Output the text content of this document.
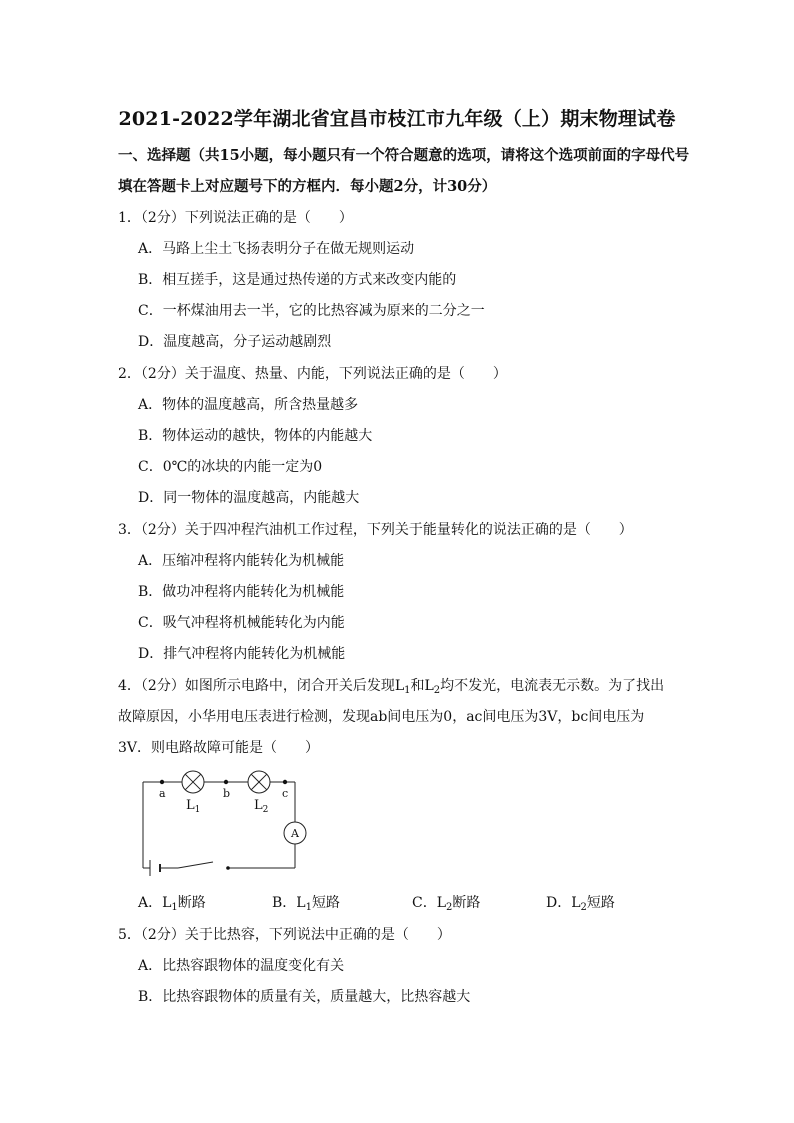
2021-2022学年湖北省宜昌市枝江市九年级（上）期末物理试卷
一、选择题（共15小题，每小题只有一个符合题意的选项，请将这个选项前面的字母代号
填在答题卡上对应题号下的方框内．每小题2分，计30分）
1．（2分）下列说法正确的是（　　）
A．马路上尘土飞扬表明分子在做无规则运动
B．相互搓手，这是通过热传递的方式来改变内能的
C．一杯煤油用去一半，它的比热容减为原来的二分之一
D．温度越高，分子运动越剧烈
2．（2分）关于温度、热量、内能，下列说法正确的是（　　）
A．物体的温度越高，所含热量越多
B．物体运动的越快，物体的内能越大
C．0℃的冰块的内能一定为0
D．同一物体的温度越高，内能越大
3．（2分）关于四冲程汽油机工作过程，下列关于能量转化的说法正确的是（　　）
A．压缩冲程将内能转化为机械能
B．做功冲程将内能转化为机械能
C．吸气冲程将机械能转化为内能
D．排气冲程将内能转化为机械能
4．（2分）如图所示电路中，闭合开关后发现$L_1$和$L_2$均不发光，电流表无示数。为了找出
故障原因，小华用电压表进行检测，发现ab间电压为0，ac间电压为3V，bc间电压为
3V．则电路故障可能是（　　）
a	b	c
$L_1$	$L_2$
A
A．$L_1$断路	B．$L_1$短路	C．$L_2$断路	D．$L_2$短路
5．（2分）关于比热容，下列说法中正确的是（　　）
A．比热容跟物体的温度变化有关
B．比热容跟物体的质量有关，质量越大，比热容越大
